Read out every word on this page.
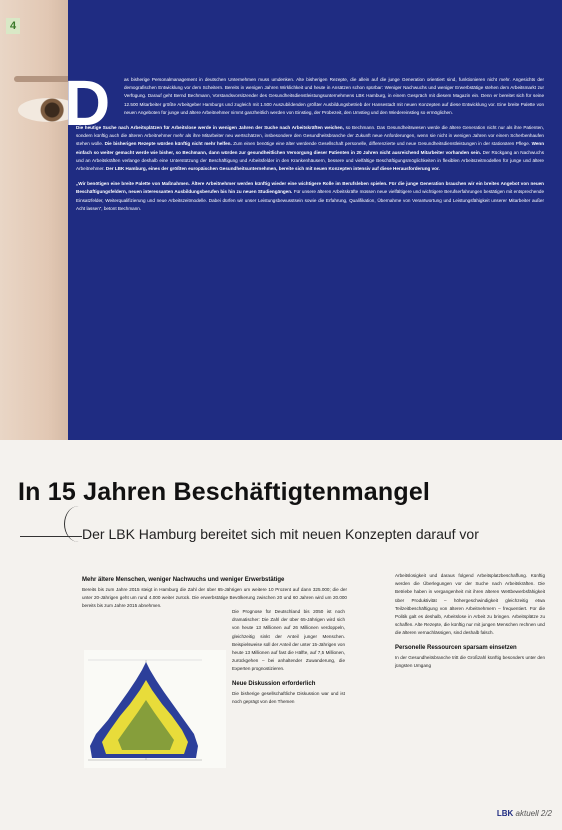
4

as bisherige Personalmanagement in deutschen Unternehmen muss umdenken. Alte bisherigen Rezepte, die allein auf die junge Generation orientiert sind, funktionieren nicht mehr. Angesichts der demografischen Entwicklung vor dem Scheitern. Bereits in wenigen Jahren Wirklichkeit und heute in Ansätzen schon spürbar: Weniger Nachwuchs und weniger Erwerbstätige stehen dem Arbeitsmarkt zur Verfügung. Darauf geht Bernd Bechmann, Vorstandsvorsitzender des Gesundheitsdienstleistungsunternehmens LBK Hamburg, in einem Gespräch mit diesem Magazin ein. Denn er bereitet sich für seine 12.500 Mitarbeiter größte Arbeitgeber Hamburgs und zugleich mit 1.500 Auszubildenden größter Ausbildungsbetrieb der Hansestadt mit neuen Konzepten auf diese Entwicklung vor. Eine breite Palette von neuen Angeboten für junge und ältere Arbeitnehmer nimmt ganzheitlich werden von Einstieg, der Probezeit, den Umstieg und den Wiedereinstieg so ermöglichen.

Die heutige Suche nach Arbeitsplätzen für Arbeitslose werde in wenigen Jahren der Suche nach Arbeitskräften weichen, so Bechmann. Das Gesundheitswesen werde die ältere Generation nicht nur als ihre Patienten, sondern künftig auch die älteren Arbeitnehmer mehr als ihre Mitarbeiter neu wertschätzen, insbesondere den Gesundheitsbranche der Zukunft neue Anforderungen, wenn sie nicht in wenigen Jahren vor einem Scherbenhaufen stehen wolle. Die bisherigen Rezepte würden künftig nicht mehr helfen. Zum einen benötige eine älter werdende Gesellschaft personelle, differenzierte und neue Gesundheitsdienstleistungen in der stationären Pflege. Wenn einfach so weiter gemacht werde wie bisher, so Bechmann, dann würden zur gesundheitlichen Versorgung dieser Patienten in 20 Jahren nicht ausreichend Mitarbeiter vorhanden sein. Der Rückgang an Nachwuchs und an Arbeitskräften verlange deshalb eine Unterstützung der Beschäftigung und Arbeitsfelder in den Krankenhäusern, bessere und vielfältige Beschäftigungsmöglichkeiten in flexiblen Arbeitszeitmodellen für junge und ältere Arbeitnehmer. Der LBK Hamburg, eines der größten europäischen Gesundheitsunternehmen, bereite sich mit neuen Konzepten intensiv auf diese Herausforderung vor.

„Wir benötigen eine breite Palette von Maßnahmen. Ältere Arbeitnehmer werden künftig wieder eine wichtigere Rolle im Berufsleben spielen. Für die junge Generation brauchen wir ein breites Angebot von neuen Beschäftigungsfeldern, neuen interessanten Ausbildungsberufen bis hin zu neuen Studiengängen. Für unsere älteren Arbeitskräfte müssen neue vielfältigere und wichtigere Berufserfahrungen bestätigen mit entsprechende Einsatzfelder, Weiterqualifizierung und neue Arbeitszeitmodelle. Dabei dürfen wir unser Leistungsbewusstsein sowie die Erfahrung, Qualifikation, Übernahme von Verantwortung und Leistungsfähigkeit unserer Mitarbeiter außer Acht lassen“, betont Bechmann.

D
In 15 Jahren Beschäftigtenmangel
Der LBK Hamburg bereitet sich mit neuen Konzepten darauf vor
Mehr ältere Menschen, weniger Nachwuchs und weniger Erwerbstätige

Bereits bis zum Jahre 2015 steigt in Hamburg die Zahl der über 65-Jährigen um weitere 10 Prozent auf dann 325.000; die der unter 20-Jährigen geht um rund 4.000 weiter zurück. Die erwerbstätige Bevölkerung zwischen 20 und 60 Jahren wird um 20.000 bereits bis zum Jahre 2015 abnehmen.

Die Prognose für Deutschland bis 2050 ist noch dramatischer: Die Zahl der über 65-Jährigen wird sich von heute 13 Millionen auf 26 Millionen verdoppeln, gleichzeitig sinkt der Anteil junger Menschen. Beispielsweise soll der Anteil der unter 15-Jährigen von heute 13 Millionen auf fast die Hälfte, auf 7,5 Millionen, zurückgehen – bei anhaltender Zuwanderung, die Experten prognostizieren.

Neue Diskussion erforderlich

Die bisherige gesellschaftliche Diskussion war und ist noch geprägt von den Themen

Arbeitslosigkeit und daraus folgend Arbeitsplatzbeschaffung. Künftig werden die Überlegungen vor der Suche nach Arbeitskräften. Die Betriebe haben in vergangenheit mit ihren älteren Wettbewerbsfähigkeit über Produktivität – höhergeschwindigkeit gleichzeitig etwa Teilzeitbeschäftigung von älteren Arbeitnehmern – frequentiert. Für die Politik galt es deshalb, Arbeitslose in Arbeit zu bringen. Arbeitsplätze zu schaffen. Alte Rezepte, die künftig nur mit jungen Menschen rechnen und die älteren vernachlässigen, sind deshalb falsch.

Personelle Ressourcen sparsam einsetzen

In der Gesundheitsbranche tritt die Großzahl künftig besonders unter den jüngsten Umgang

LBK aktuell 2/2
